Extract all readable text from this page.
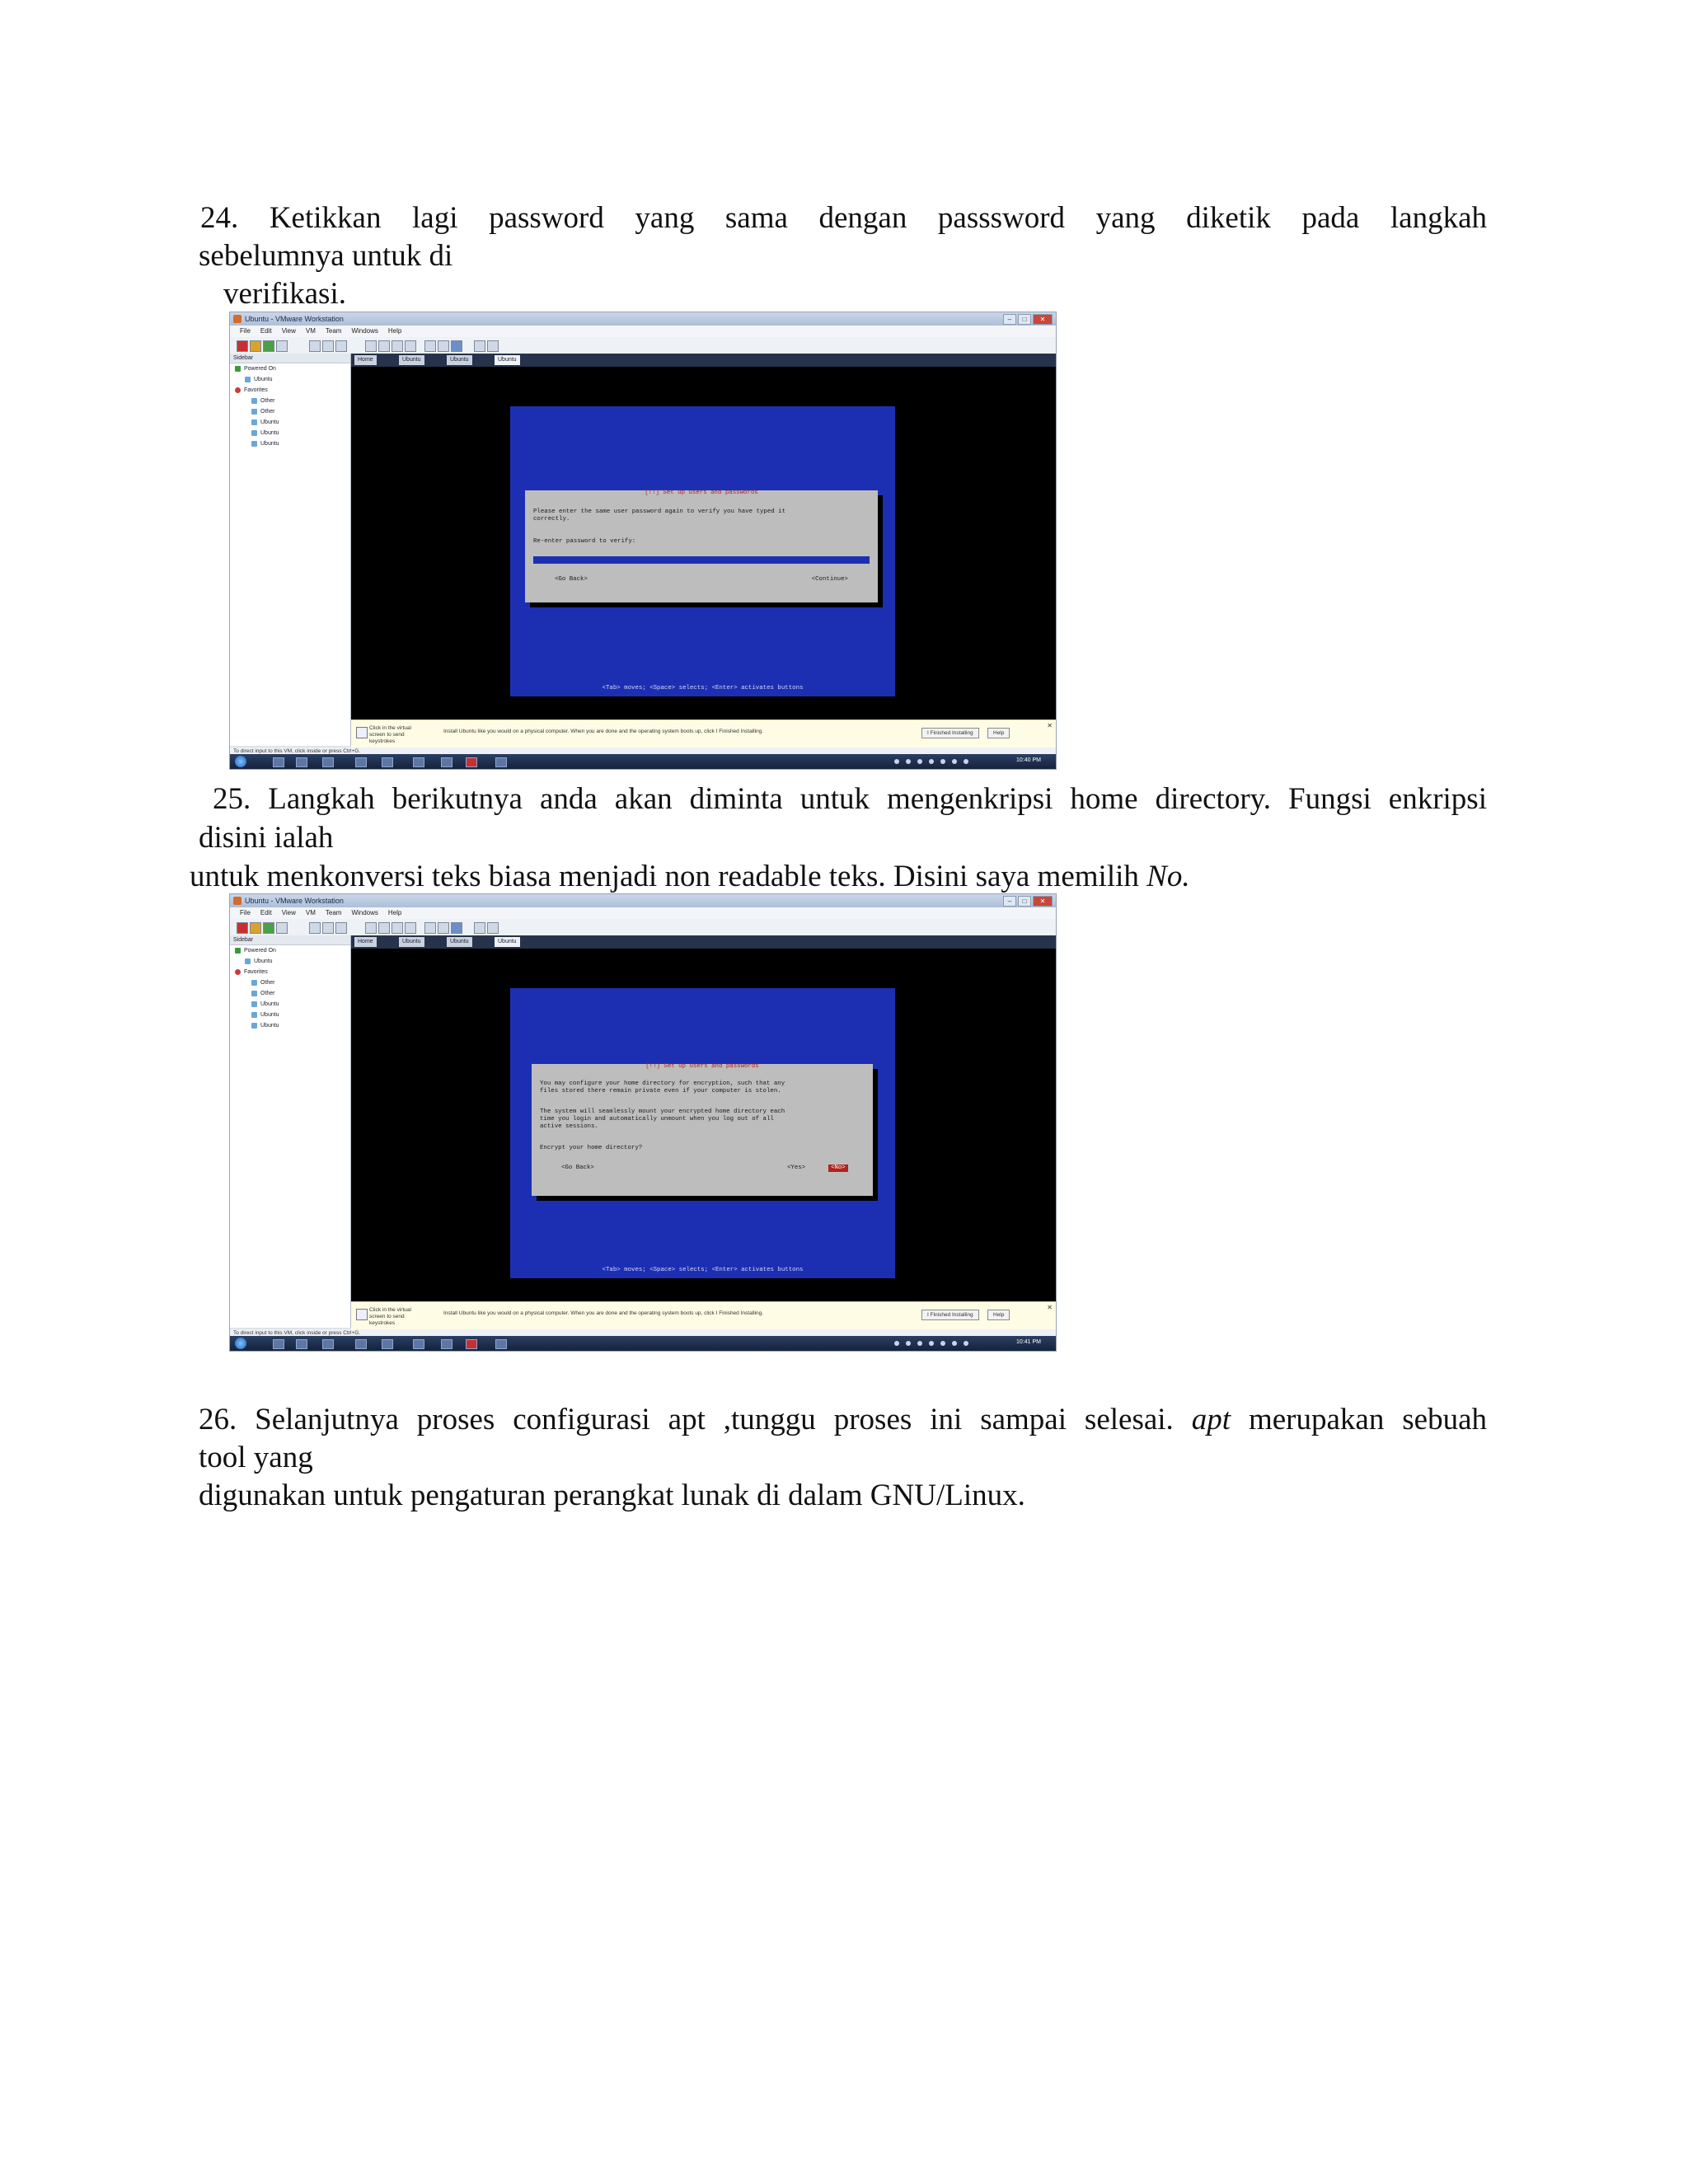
24. Ketikkan lagi password yang sama dengan passsword yang diketik pada langkah

sebelumnya untuk di

verifikasi.

Ubuntu - VMware Workstation	–	□	✕
File Edit View VM Team Windows Help
Sidebar
Powered On
Ubuntu
Favorites
Other
Other
Ubuntu
Ubuntu
Ubuntu
Home	Ubuntu	Ubuntu	Ubuntu
[!!] Set up users and passwords
Please enter the same user password again to verify you have typed it
correctly.
Re-enter password to verify:
<Go Back>	<Continue>
<Tab> moves; <Space> selects; <Enter> activates buttons
Click in the virtual screen to send keystrokes
Install Ubuntu like you would on a physical computer. When you are done and the operating system boots up, click I Finished Installing.	I Finished Installing	Help
✕
To direct input to this VM, click inside or press Ctrl+G.
10:40 PM

25. Langkah berikutnya anda akan diminta untuk mengenkripsi home directory. Fungsi enkripsi

disini ialah

untuk menkonversi teks biasa menjadi non readable teks. Disini saya memilih No.

Ubuntu - VMware Workstation	–	□	✕
File Edit View VM Team Windows Help
Sidebar
Powered On
Ubuntu
Favorites
Other
Other
Ubuntu
Ubuntu
Ubuntu
Home	Ubuntu	Ubuntu	Ubuntu
[!!] Set up users and passwords
You may configure your home directory for encryption, such that any
files stored there remain private even if your computer is stolen.
The system will seamlessly mount your encrypted home directory each
time you login and automatically unmount when you log out of all
active sessions.
Encrypt your home directory?
<Go Back>	<Yes>	<No>
<Tab> moves; <Space> selects; <Enter> activates buttons
Click in the virtual screen to send keystrokes
Install Ubuntu like you would on a physical computer. When you are done and the operating system boots up, click I Finished Installing.	I Finished Installing	Help
✕
To direct input to this VM, click inside or press Ctrl+G.
10:41 PM

26. Selanjutnya proses configurasi apt ,tunggu proses ini sampai selesai. apt merupakan sebuah

tool yang

digunakan untuk pengaturan perangkat lunak di dalam GNU/Linux.
